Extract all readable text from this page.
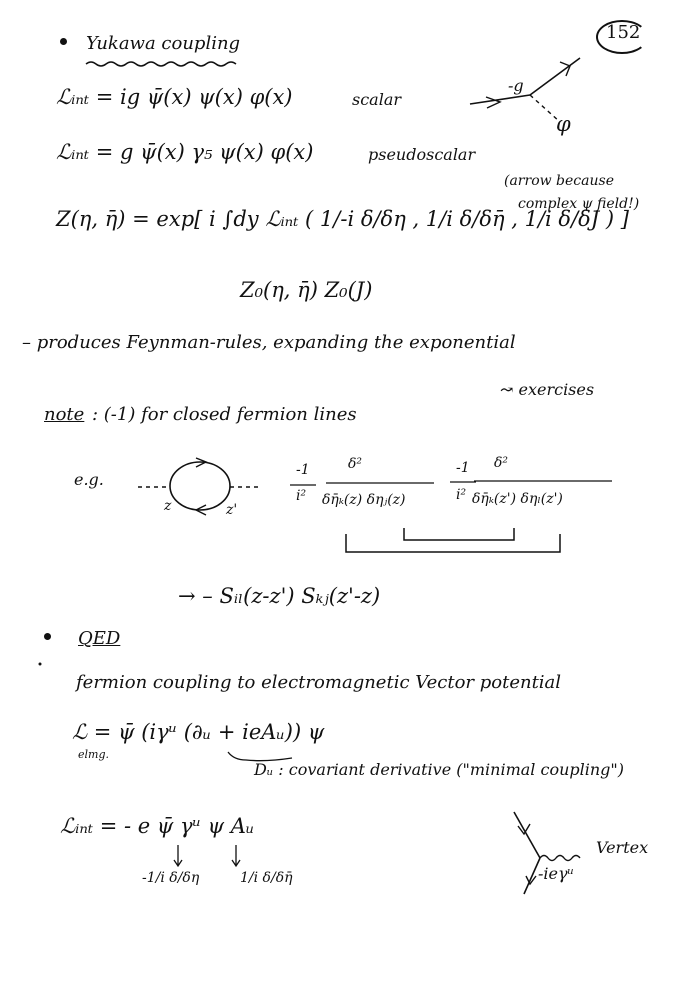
152
Yukawa coupling
ℒᵢₙₜ = ig ψ̄(x) ψ(x) φ(x)	scalar
-g
φ
ℒᵢₙₜ = g ψ̄(x) γ₅ ψ(x) φ(x)	pseudoscalar
(arrow because
complex ψ field!)
Z(η, η̄) = exp[ i ∫dy ℒᵢₙₜ ( 1/-i δ/δη , 1/i δ/δη̄ , 1/i δ/δJ ) ]
Z₀(η, η̄) Z₀(J)
– produces Feynman-rules, expanding the exponential
↝ exercises
note : (-1) for closed fermion lines
e.g.
z	z'
-1
i²
δ²
δη̄ₖ(z) δηⱼ(z)
-1
i²
δ²
δη̄ₖ(z') δηₗ(z')
→ – Sᵢₗ(z-z') Sₖⱼ(z'-z)
QED
fermion coupling to electromagnetic Vector potential
ℒ = ψ̄ (iγᵘ (∂ᵤ + ieAᵤ)) ψ
elmg.
Dᵤ : covariant derivative ("minimal coupling")
ℒᵢₙₜ = - e ψ̄ γᵘ ψ Aᵤ
-1/i δ/δη	1/i δ/δη̄
Vertex
-ieγᵘ
